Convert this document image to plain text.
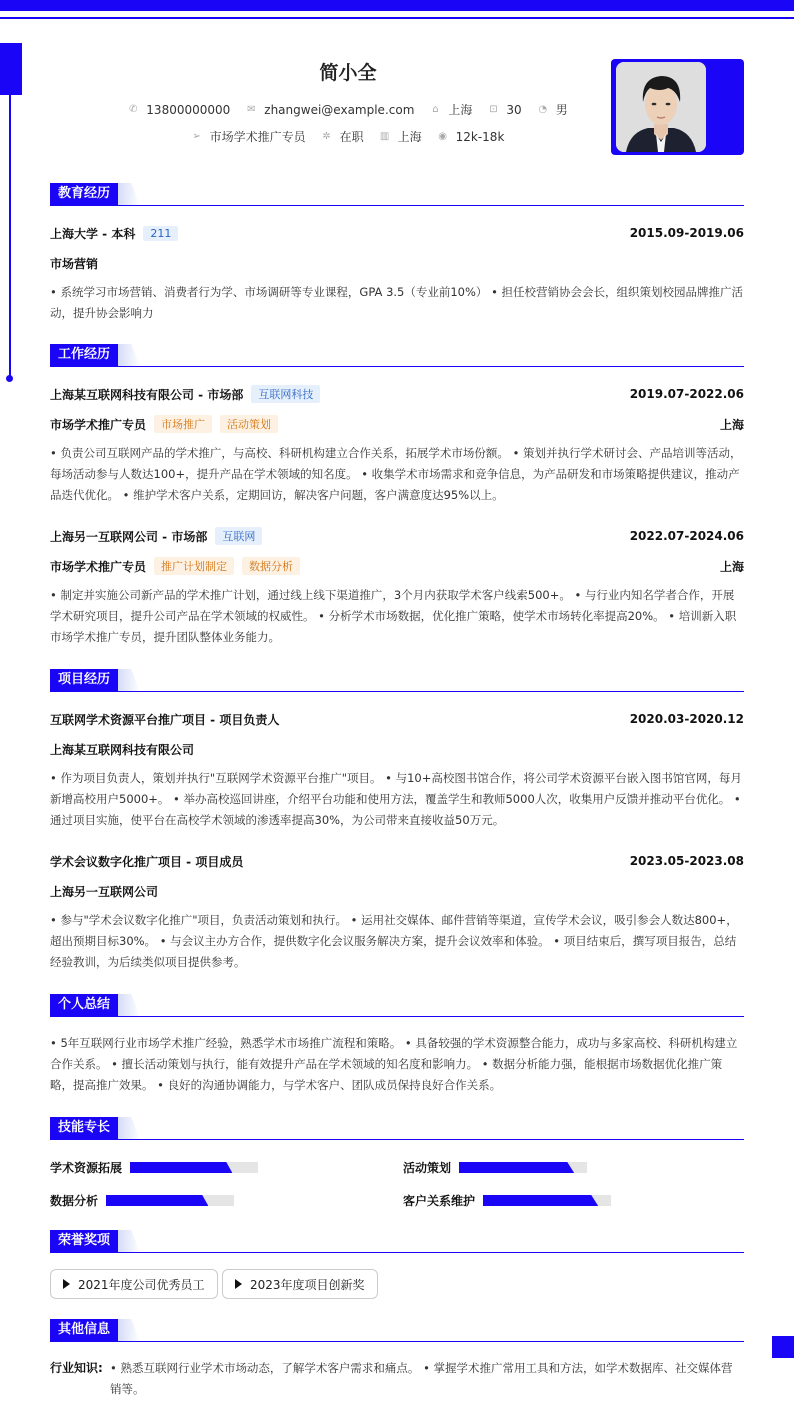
简小全
✆ 13800000000 ✉ zhangwei@example.com ⌂ 上海 ⊡ 30 ◔ 男
➢ 市场学术推广专员 ✲ 在职 ▥ 上海 ◉ 12k-18k
教育经历
上海大学 - 本科	211	2015.09-2019.06
市场营销
• 系统学习市场营销、消费者行为学、市场调研等专业课程，GPA 3.5（专业前10%） • 担任校营销协会会长，组织策划校园品牌推广活动，提升协会影响力
工作经历
上海某互联网科技有限公司 - 市场部	互联网科技	2019.07-2022.06
市场学术推广专员	市场推广	活动策划	上海
• 负责公司互联网产品的学术推广，与高校、科研机构建立合作关系，拓展学术市场份额。 • 策划并执行学术研讨会、产品培训等活动，每场活动参与人数达100+，提升产品在学术领域的知名度。 • 收集学术市场需求和竞争信息，为产品研发和市场策略提供建议，推动产品迭代优化。 • 维护学术客户关系，定期回访，解决客户问题，客户满意度达95%以上。
上海另一互联网公司 - 市场部	互联网	2022.07-2024.06
市场学术推广专员	推广计划制定	数据分析	上海
• 制定并实施公司新产品的学术推广计划，通过线上线下渠道推广，3个月内获取学术客户线索500+。 • 与行业内知名学者合作，开展学术研究项目，提升公司产品在学术领域的权威性。 • 分析学术市场数据，优化推广策略，使学术市场转化率提高20%。 • 培训新入职市场学术推广专员，提升团队整体业务能力。
项目经历
互联网学术资源平台推广项目 - 项目负责人	2020.03-2020.12
上海某互联网科技有限公司
• 作为项目负责人，策划并执行"互联网学术资源平台推广"项目。 • 与10+高校图书馆合作，将公司学术资源平台嵌入图书馆官网，每月新增高校用户5000+。 • 举办高校巡回讲座，介绍平台功能和使用方法，覆盖学生和教师5000人次，收集用户反馈并推动平台优化。 • 通过项目实施，使平台在高校学术领域的渗透率提高30%，为公司带来直接收益50万元。
学术会议数字化推广项目 - 项目成员	2023.05-2023.08
上海另一互联网公司
• 参与"学术会议数字化推广"项目，负责活动策划和执行。 • 运用社交媒体、邮件营销等渠道，宣传学术会议，吸引参会人数达800+，超出预期目标30%。 • 与会议主办方合作，提供数字化会议服务解决方案，提升会议效率和体验。 • 项目结束后，撰写项目报告，总结经验教训，为后续类似项目提供参考。
个人总结
• 5年互联网行业市场学术推广经验，熟悉学术市场推广流程和策略。 • 具备较强的学术资源整合能力，成功与多家高校、科研机构建立合作关系。 • 擅长活动策划与执行，能有效提升产品在学术领域的知名度和影响力。 • 数据分析能力强，能根据市场数据优化推广策略，提高推广效果。 • 良好的沟通协调能力，与学术客户、团队成员保持良好合作关系。
技能专长
学术资源拓展	活动策划
数据分析	客户关系维护
荣誉奖项
2021年度公司优秀员工	2023年度项目创新奖
其他信息
行业知识: • 熟悉互联网行业学术市场动态，了解学术客户需求和痛点。 • 掌握学术推广常用工具和方法，如学术数据库、社交媒体营销等。
